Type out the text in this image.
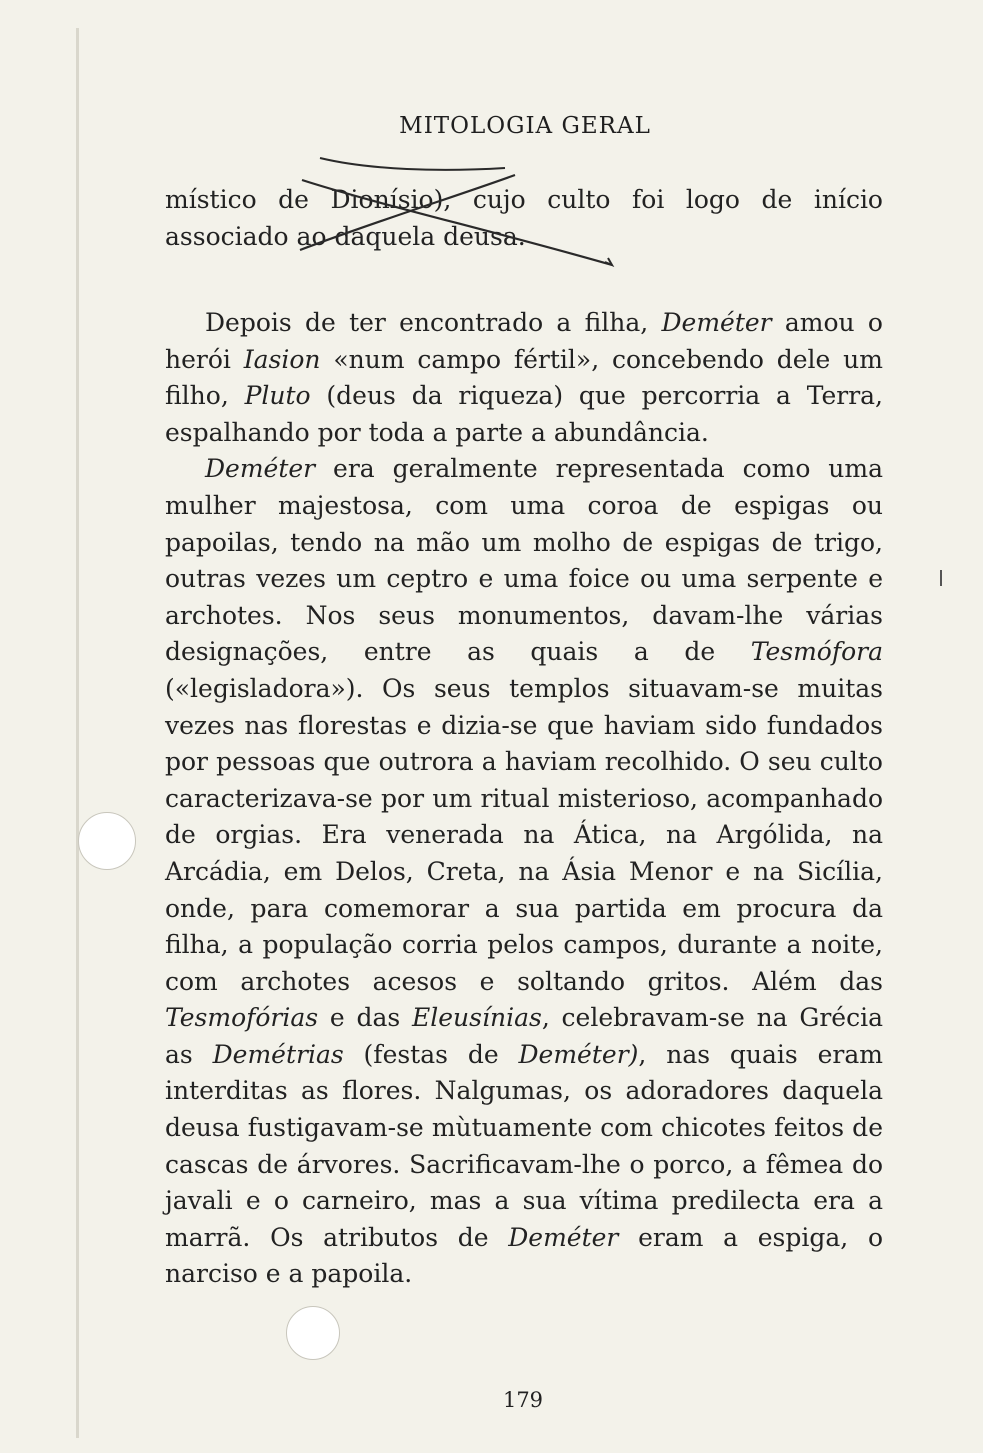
MITOLOGIA GERAL
místico de Dionísio), cujo culto foi logo de início associado ao daquela deusa.

Depois de ter encontrado a filha, Deméter amou o herói Iasion «num campo fértil», concebendo dele um filho, Pluto (deus da riqueza) que percorria a Terra, espalhando por toda a parte a abundância.

Deméter era geralmente representada como uma mulher majestosa, com uma coroa de espigas ou papoilas, tendo na mão um molho de espigas de trigo, outras vezes um ceptro e uma foice ou uma serpente e archotes. Nos seus monumentos, davam-lhe várias designações, entre as quais a de Tesmófora («legisladora»). Os seus templos situavam-se muitas vezes nas florestas e dizia-se que haviam sido fundados por pessoas que outrora a haviam recolhido. O seu culto caracterizava-se por um ritual misterioso, acompanhado de orgias. Era venerada na Ática, na Argólida, na Arcádia, em Delos, Creta, na Ásia Menor e na Sicília, onde, para comemorar a sua partida em procura da filha, a população corria pelos campos, durante a noite, com archotes acesos e soltando gritos. Além das Tesmofórias e das Eleusínias, celebravam-se na Grécia as Demétrias (festas de Deméter), nas quais eram interditas as flores. Nalgumas, os adoradores daquela deusa fustigavam-se mùtuamente com chicotes feitos de cascas de árvores. Sacrificavam-lhe o porco, a fêmea do javali e o carneiro, mas a sua vítima predilecta era a marrã. Os atributos de Deméter eram a espiga, o narciso e a papoila.

179
